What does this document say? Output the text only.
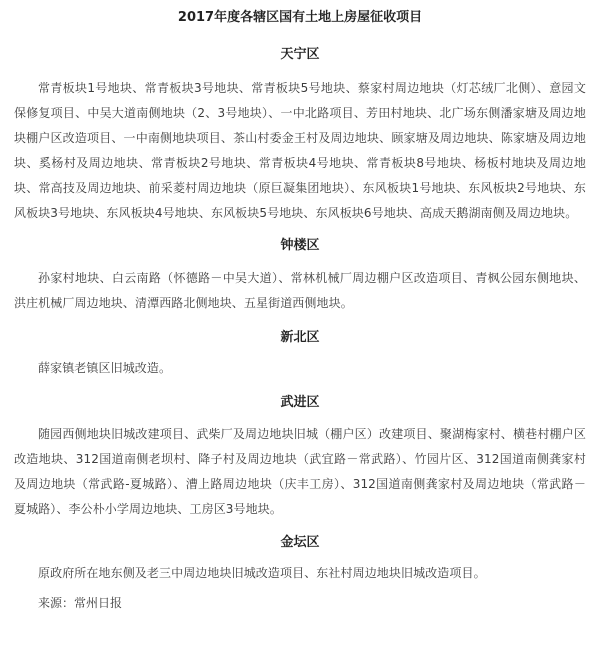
2017年度各辖区国有土地上房屋征收项目
天宁区

常青板块1号地块、常青板块3号地块、常青板块5号地块、蔡家村周边地块（灯芯绒厂北侧）、意园文保修复项目、中吴大道南侧地块（2、3号地块）、一中北路项目、芳田村地块、北广场东侧潘家塘及周边地块棚户区改造项目、一中南侧地块项目、茶山村委金王村及周边地块、顾家塘及周边地块、陈家塘及周边地块、奚杨村及周边地块、常青板块2号地块、常青板块4号地块、常青板块8号地块、杨板村地块及周边地块、常高技及周边地块、前采菱村周边地块（原巨凝集团地块）、东风板块1号地块、东风板块2号地块、东风板块3号地块、东风板块4号地块、东风板块5号地块、东风板块6号地块、高成天鹅湖南侧及周边地块。

钟楼区

孙家村地块、白云南路（怀德路－中吴大道）、常林机械厂周边棚户区改造项目、青枫公园东侧地块、洪庄机械厂周边地块、清潭西路北侧地块、五星街道西侧地块。

新北区

薛家镇老镇区旧城改造。

武进区

随园西侧地块旧城改建项目、武柴厂及周边地块旧城（棚户区）改建项目、聚湖梅家村、横巷村棚户区改造地块、312国道南侧老坝村、降子村及周边地块（武宜路－常武路）、竹园片区、312国道南侧龚家村及周边地块（常武路-夏城路）、漕上路周边地块（庆丰工房）、312国道南侧龚家村及周边地块（常武路－夏城路）、李公朴小学周边地块、工房区3号地块。

金坛区

原政府所在地东侧及老三中周边地块旧城改造项目、东社村周边地块旧城改造项目。

来源：常州日报
